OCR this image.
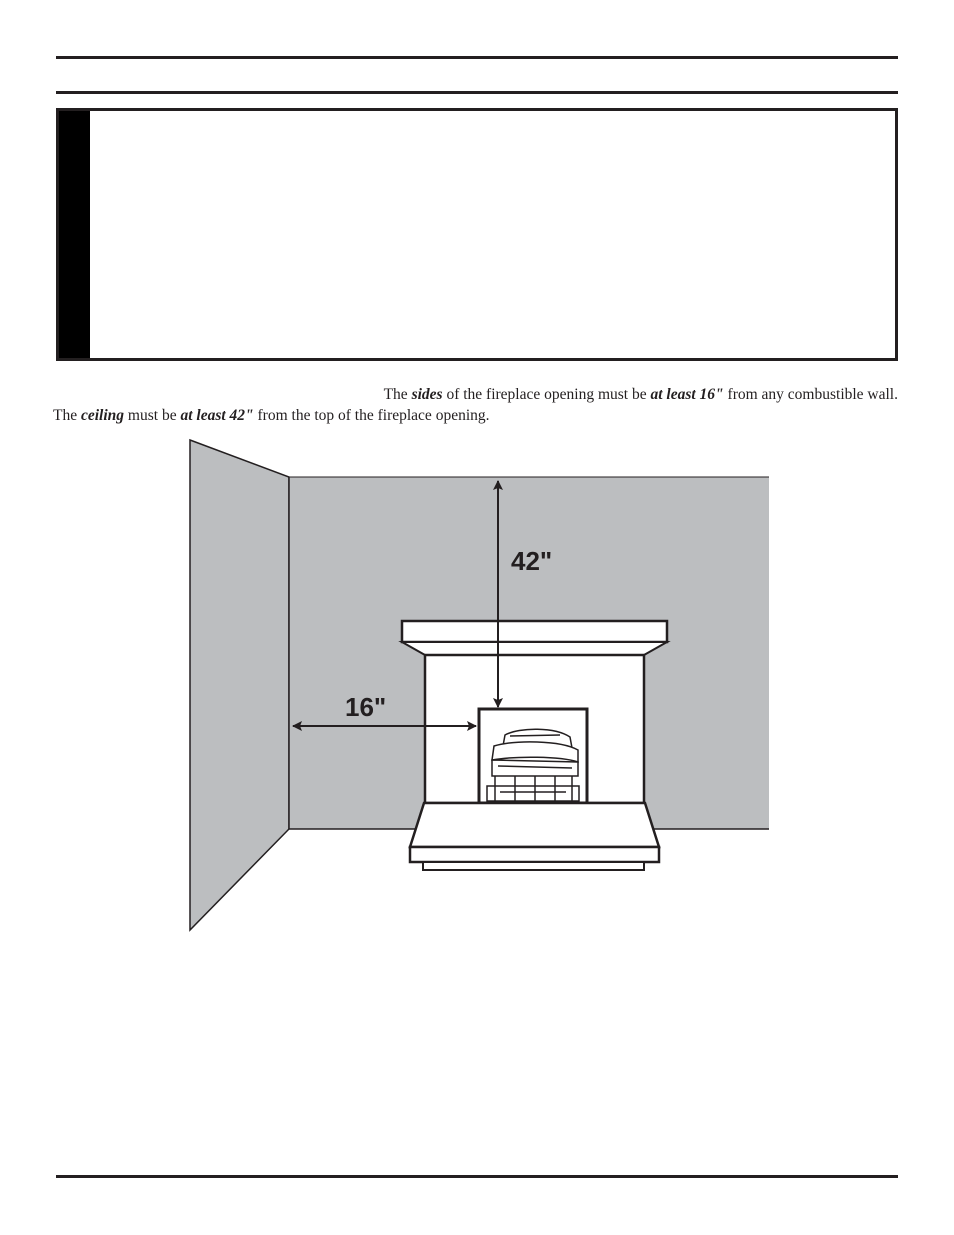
The sides of the fireplace opening must be at least 16" from any combustible wall.
The ceiling must be at least 42" from the top of the fireplace opening.
42"
16"
